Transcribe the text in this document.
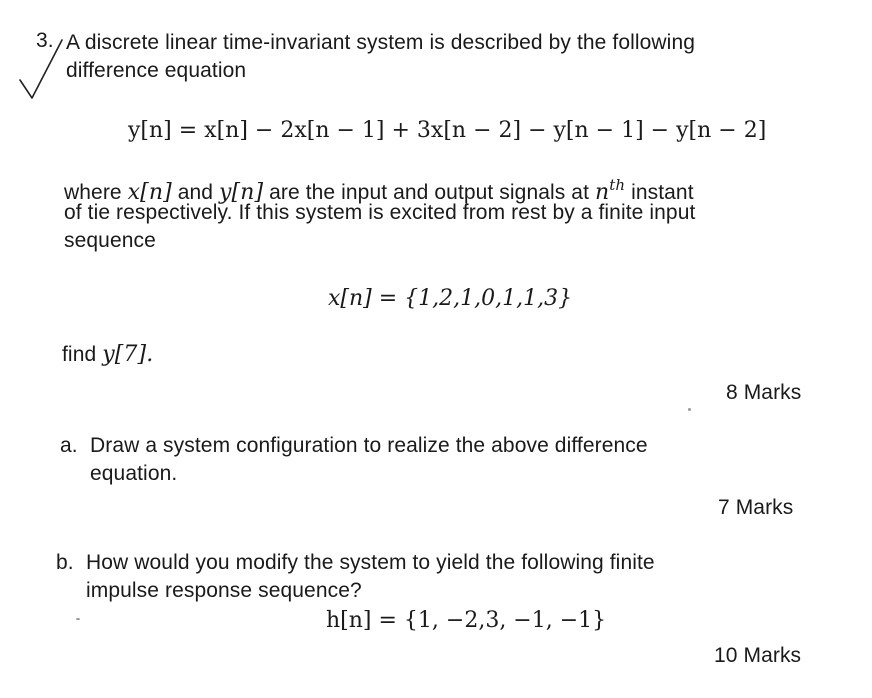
3. A discrete linear time-invariant system is described by the following
difference equation
y[n] = x[n] − 2x[n − 1] + 3x[n − 2] − y[n − 1] − y[n − 2]
where x[n] and y[n] are the input and output signals at $n^{th}$ instant
of tie respectively. If this system is excited from rest by a finite input
sequence
x[n] = {1,2,1,0,1,1,3}
find y[7].
8 Marks
a. Draw a system configuration to realize the above difference
equation.
7 Marks
b. How would you modify the system to yield the following finite
impulse response sequence?
h[n] = {1, −2,3, −1, −1}
10 Marks
